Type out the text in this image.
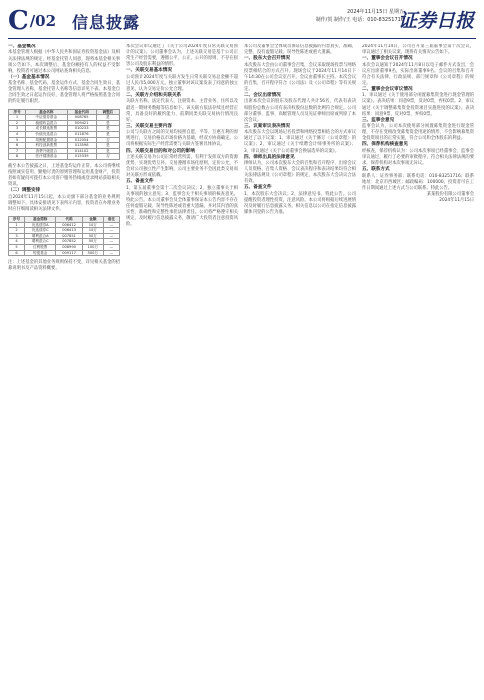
$C^{/02}$ 信息披露
2024年11月15日 星期五
制作/贺 制作/王 电话：010-83251716
证券日报
一、基金概况
本基金管理人根据《中华人民共和国证券投资基金法》及相关法律法规的规定，经基金托管人同意，现将本基金相关事项公告如下。本次调整后，基金份额持有人的权益不受影响，投资者可通过本公司网站查询相关信息。
（一）基金基本情况
基金名称、基金代码、基金运作方式、基金合同生效日、基金管理人名称、基金托管人名称等信息详见下表。本基金自合同生效之日起运作良好，基金管理人将严格按照基金合同的约定履行职责。
序号	基金名称	基金代码	调整后
1	中证债券基金	008765	是
2	稳健收益混合	009421	是
3	成长精选股票	010233	是
4	价值优选混合	011876	是
5	均衡配置基金	012054	否
6	科技创新股票	013598	是
7	消费升级混合	014102	是
8	医疗健康基金	015339	否
截至本公告披露之日，上述基金均运作正常。本公司将继续按照诚实信用、勤勉尽责的原则管理和运用基金财产，投资者如有疑问可拨打本公司客户服务热线或登录网站获取相关资讯。
（二）调整安排
自2024年11月15日起，本公司旗下部分基金的业务规则调整如下，具体安排请见下表所示内容，投资者在办理业务时应仔细阅读相关法律文件。
序号	基金简称	代码	金额	备注
1	优选债券A	006412	10万	—
2	优选债券C	006413	10万	—
3	增利混合A	007851	50万	—
4	增利混合C	007852	50万	—
5	红利股票	008990	100万	—
6	短债基金	009117	500万	—
注：上述基金的其他业务规则保持不变，详见相关基金的招募说明书及产品资料概要。
本次会议审议通过了《关于公司2024年度日常关联交易预计的议案》。公司董事会认为，上述关联交易是基于公司正常生产经营需要，遵循公平、公正、公开的原则，不存在损害公司及股东利益的情形。
一、关联交易基本情况
公司预计2024年度与关联方发生日常关联交易总金额不超过人民币5,000万元。独立董事对该议案发表了同意的独立意见，认为交易定价公允合理。
二、关联方介绍和关联关系
关联方名称、法定代表人、注册资本、主营业务、住所以及最近一期财务数据等信息如下。该关联方依法存续且经营正常，具备良好的履约能力，前期同类关联交易执行情况良好。
三、关联交易主要内容
公司与关联方之间的交易均按照自愿、平等、互惠互利的原则进行，交易价格以市场价格为基础，经双方协商确定。公司将根据实际生产经营需要与关联方签署具体协议。
四、关联交易目的和对公司的影响
上述关联交易为公司正常经营所需，有利于发挥双方的资源优势，实现优势互补。交易遵循市场化原则，定价公允，不会对公司独立性产生影响，公司主要业务不会因此类交易而对关联方形成依赖。
五、备查文件
1、第五届董事会第十二次会议决议；2、独立董事关于相关事项的独立意见；3、监事会关于相关事项的核查意见。特此公告。本公司董事会及全体董事保证本公告内容不存在任何虚假记载、误导性陈述或者重大遗漏，并对其内容的真实性、准确性和完整性承担法律责任。公司将严格遵守相关规定，及时履行信息披露义务，敬请广大投资者注意投资风险。
本公司及董事会全体成员保证信息披露的内容真实、准确、完整，没有虚假记载、误导性陈述或重大遗漏。
一、股东大会召开情况
本次股东大会由公司董事会召集，会议采取现场投票与网络投票相结合的方式召开。现场会议于2024年11月14日下午14:30在公司会议室召开，会议由董事长主持。本次会议的召集、召开程序符合《公司法》及《公司章程》等有关规定。
二、会议出席情况
出席本次会议的股东及股东代理人共计56名，代表有表决权股份总数占公司有表决权股份总数的比例符合规定。公司部分董事、监事、高级管理人员及见证律师出席或列席了本次会议。
三、议案审议表决情况
本次股东大会以现场记名投票和网络投票相结合的方式审议通过了以下议案：1、审议通过《关于修订〈公司章程〉的议案》；2、审议通过《关于续聘会计师事务所的议案》；3、审议通过《关于公司董事会换届选举的议案》。
四、律师出具的法律意见
律师认为，公司本次股东大会的召集和召开程序、出席会议人员资格、召集人资格、会议表决程序和表决结果均符合相关法律法规及《公司章程》的规定，本次股东大会决议合法有效。
五、备查文件
1、本次股东大会决议；2、法律意见书。特此公告。公司提醒投资者理性投资，注意风险。本公司将根据后续进展情况及时履行信息披露义务。相关信息以公司在指定信息披露媒体刊登的公告为准。
2024年11月14日，公司召开第三届董事会第十次会议，审议通过了相关议案，现将有关情况公告如下。
一、董事会会议召开情况
本次会议通知于2024年11月8日以电子邮件方式发出，会议应出席董事9名，实际出席董事9名。会议的召集和召开符合有关法律、行政法规、部门规章和《公司章程》的规定。
二、董事会会议审议情况
1、审议通过《关于使用部分闲置募集资金进行现金管理的议案》。表决结果：同意9票，反对0票，弃权0票。2、审议通过《关于调整募集资金投资项目实施进度的议案》。表决结果：同意9票，反对0票，弃权0票。
三、监事会意见
监事会认为，公司本次使用部分闲置募集资金进行现金管理，不存在变相改变募集资金用途的情形，不会影响募集资金投资项目的正常实施，符合公司和全体股东的利益。
四、保荐机构核查意见
经核查，保荐机构认为：公司本次事项已经董事会、监事会审议通过，履行了必要的审批程序，符合相关法律法规的要求，保荐机构对本次事项无异议。
五、联系方式
联系人：证券事务部；联系电话：010-83251716；联系地址：北京市西城区；邮政编码：100000。投资者可在工作日期间通过上述方式与公司联系。特此公告。
某某股份有限公司董事会
2024年11月15日
